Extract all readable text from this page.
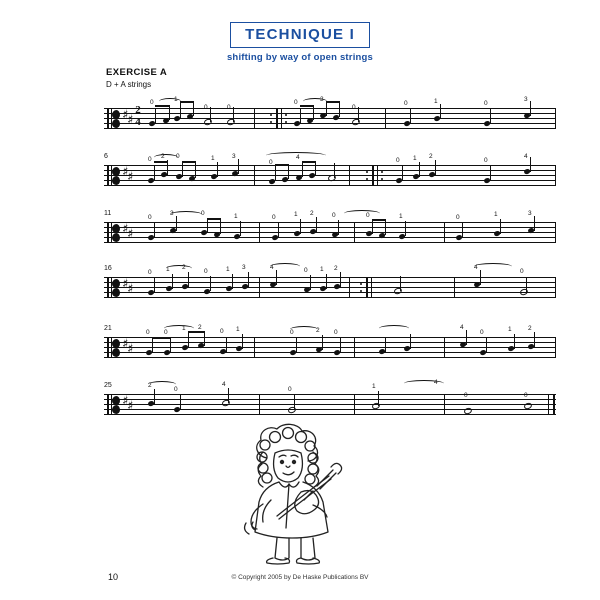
TECHNIQUE I
shifting by way of open strings
EXERCISE A
D + A strings
♯
♯
2
4
0	1
0	0
0	3
0
0	1	0
3
6
♯
♯
0 2 0	1	3
0
4	0 1 2
0
4
11
♯
♯
0
3	0	1	0	1 2	0	0	1	0	1	3
16
♯
♯
0 1 2
0	1 3	4	0 1 2	4
0
21
♯
♯
0 0
1 2
0 1	0	2 0
4
0	1	2
25
♯
♯
2
0
4
0	1
4
0	0
10	© Copyright 2005 by De Haske Publications BV
